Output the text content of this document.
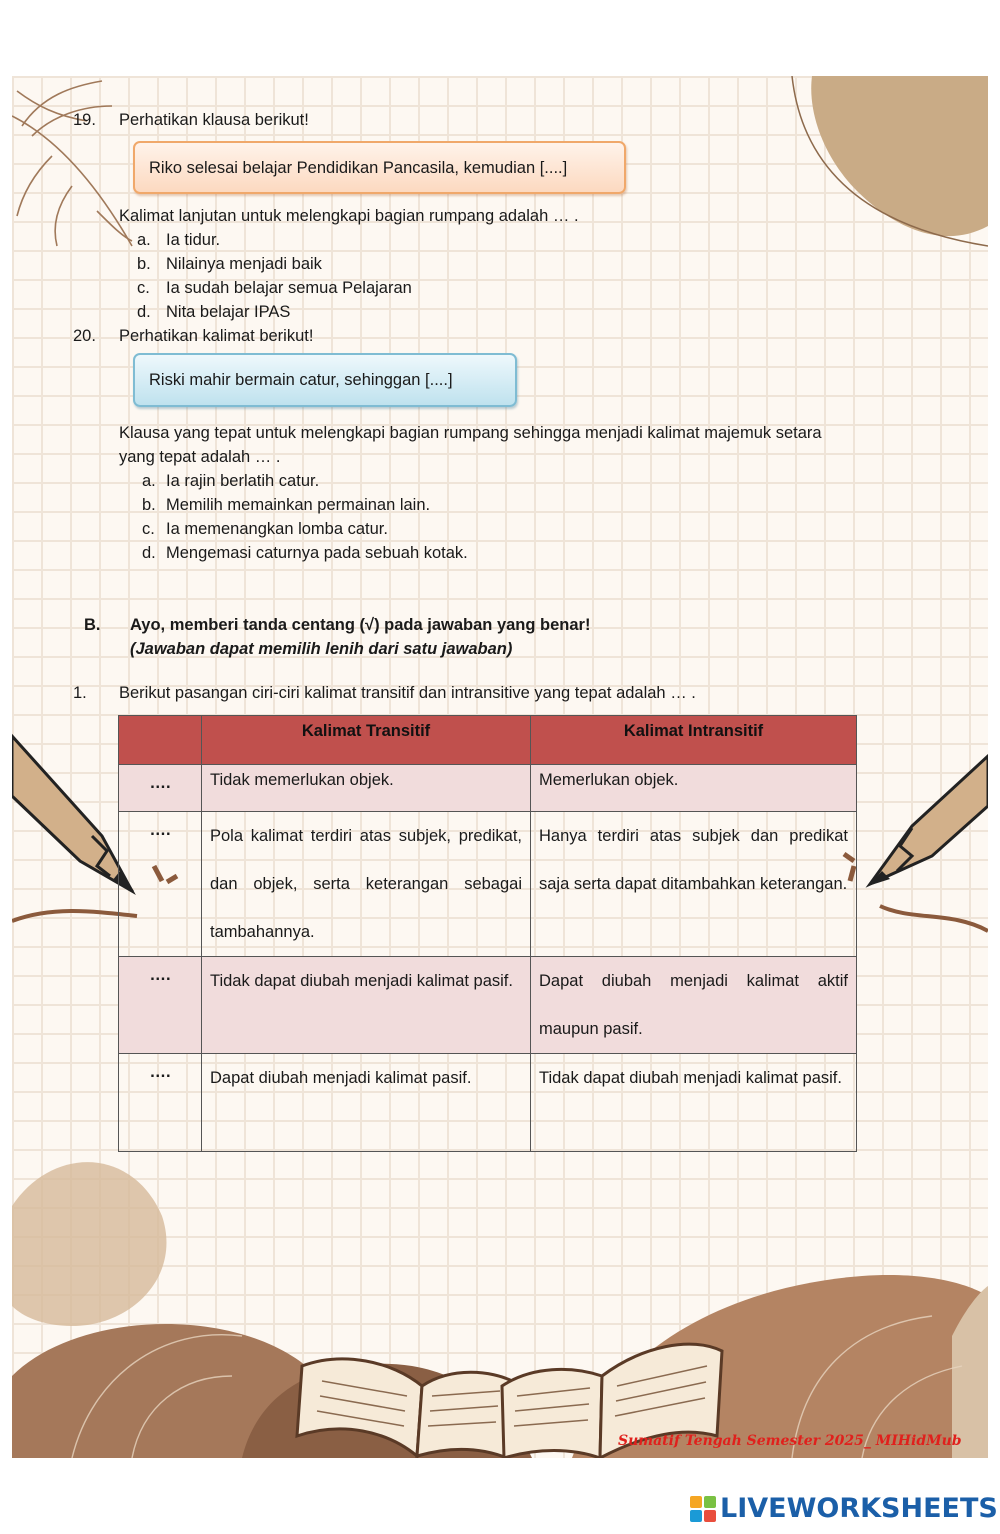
19. Perhatikan klausa berikut!
Riko selesai belajar Pendidikan Pancasila, kemudian [....]
Kalimat lanjutan untuk melengkapi bagian rumpang adalah … .
a. Ia tidur.
b. Nilainya menjadi baik
c. Ia sudah belajar semua Pelajaran
d. Nita belajar IPAS
20. Perhatikan kalimat berikut!
Riski mahir bermain catur, sehinggan [....]
Klausa yang tepat untuk melengkapi bagian rumpang sehingga menjadi kalimat majemuk setara
yang tepat adalah … .
a. Ia rajin berlatih catur.
b. Memilih memainkan permainan lain.
c. Ia memenangkan lomba catur.
d. Mengemasi caturnya pada sebuah kotak.
B. Ayo, memberi tanda centang (√) pada jawaban yang benar!
(Jawaban dapat memilih lenih dari satu jawaban)
1. Berikut pasangan ciri-ciri kalimat transitif dan intransitive yang tepat adalah … .
	Kalimat Transitif	Kalimat Intransitif
….	Tidak memerlukan objek.	Memerlukan objek.
….	Pola kalimat terdiri atas subjek, predikat, dan objek, serta keterangan sebagai tambahannya.	Hanya terdiri atas subjek dan predikat saja serta dapat ditambahkan keterangan.
….	Tidak dapat diubah menjadi kalimat pasif.	Dapat diubah menjadi kalimat aktif maupun pasif.
….	Dapat diubah menjadi kalimat pasif.	Tidak dapat diubah menjadi kalimat pasif.
Sumatif Tengah Semester 2025_ MIHidMub
LIVEWORKSHEETS
